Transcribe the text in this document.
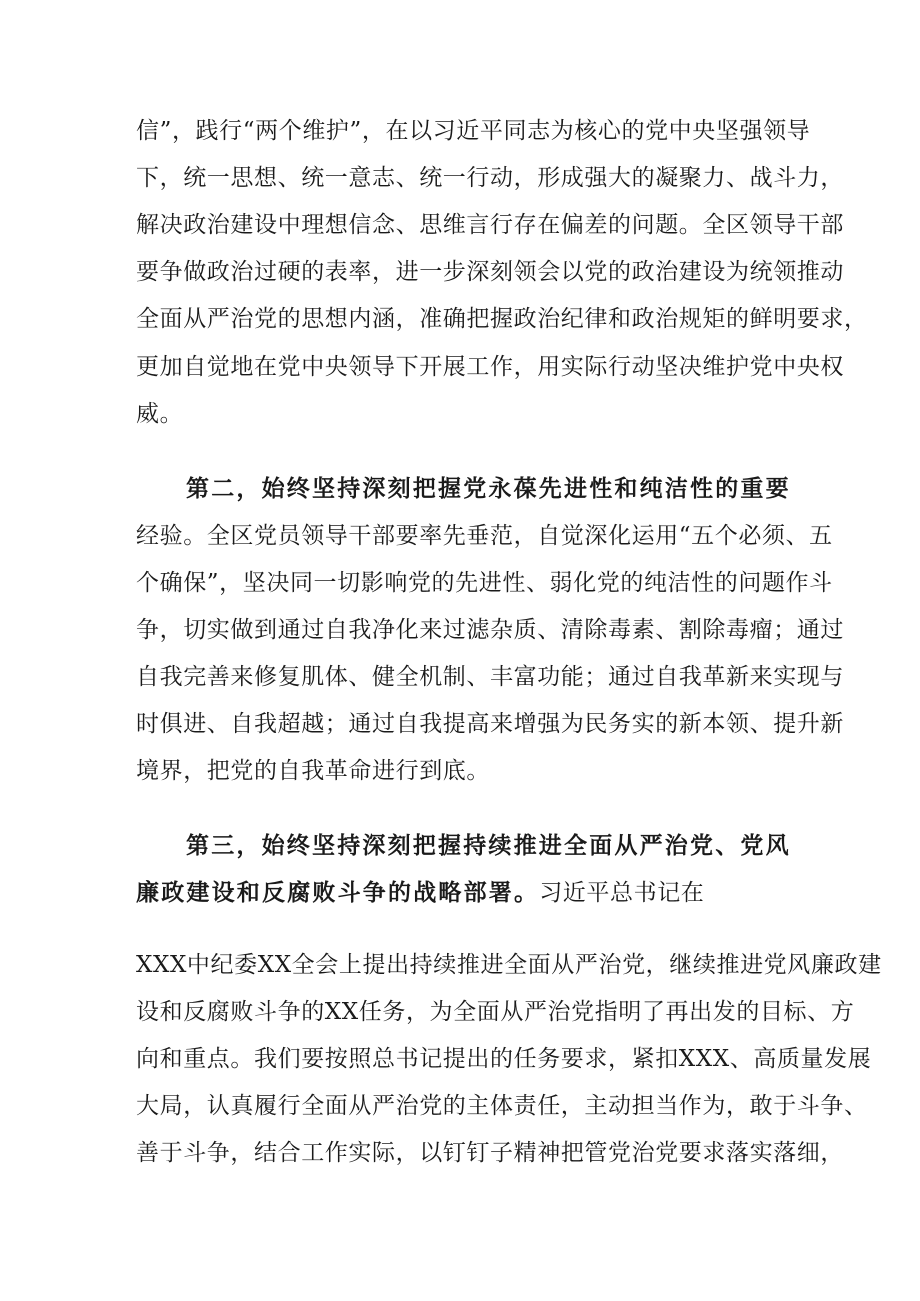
信”，践行“两个维护”，在以习近平同志为核心的党中央坚强领导
下，统一思想、统一意志、统一行动，形成强大的凝聚力、战斗力，
解决政治建设中理想信念、思维言行存在偏差的问题。全区领导干部
要争做政治过硬的表率，进一步深刻领会以党的政治建设为统领推动
全面从严治党的思想内涵，准确把握政治纪律和政治规矩的鲜明要求，
更加自觉地在党中央领导下开展工作，用实际行动坚决维护党中央权
威。
第二，始终坚持深刻把握党永葆先进性和纯洁性的重要
经验。全区党员领导干部要率先垂范，自觉深化运用“五个必须、五
个确保”，坚决同一切影响党的先进性、弱化党的纯洁性的问题作斗
争，切实做到通过自我净化来过滤杂质、清除毒素、割除毒瘤；通过
自我完善来修复肌体、健全机制、丰富功能；通过自我革新来实现与
时俱进、自我超越；通过自我提高来增强为民务实的新本领、提升新
境界，把党的自我革命进行到底。
第三，始终坚持深刻把握持续推进全面从严治党、党风
廉政建设和反腐败斗争的战略部署。习近平总书记在
XXX中纪委XX全会上提出持续推进全面从严治党，继续推进党风廉政建
设和反腐败斗争的XX任务，为全面从严治党指明了再出发的目标、方
向和重点。我们要按照总书记提出的任务要求，紧扣XXX、高质量发展
大局，认真履行全面从严治党的主体责任，主动担当作为，敢于斗争、
善于斗争，结合工作实际，以钉钉子精神把管党治党要求落实落细，
